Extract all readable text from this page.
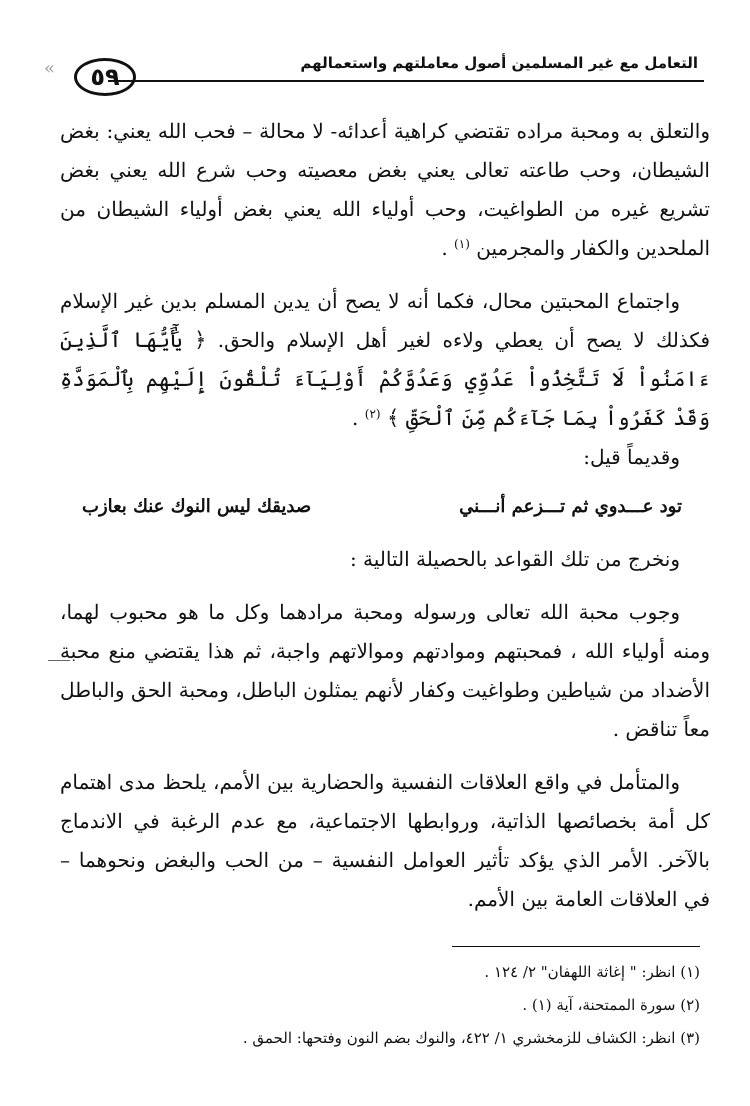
٥٩	التعامل مع غير المسلمين أصول معاملتهم واستعمالهم
«

والتعلق به ومحبة مراده تقتضي كراهية أعدائه- لا محالة – فحب الله يعني: بغض الشيطان، وحب طاعته تعالى يعني بغض معصيته وحب شرع الله يعني بغض تشريع غيره من الطواغيت، وحب أولياء الله يعني بغض أولياء الشيطان من الملحدين والكفار والمجرمين $^{(١)}$ .

واجتماع المحبتين محال، فكما أنه لا يصح أن يدين المسلم بدين غير الإسلام فكذلك لا يصح أن يعطي ولاءه لغير أهل الإسلام والحق. ﴿ يَٰٓأَيُّهَا ٱلَّذِينَ ءَامَنُواْ لَا تَتَّخِذُواْ عَدُوِّي وَعَدُوَّكُمْ أَوْلِيَآءَ تُلْقُونَ إِلَيْهِم بِٱلْمَوَدَّةِ وَقَدْ كَفَرُواْ بِمَا جَآءَكُم مِّنَ ٱلْحَقِّ ﴾ $^{(٢)}$ .

وقديماً قيل:

تود عـــدوي ثم تـــزعم أنـــني
صديقك ليس النوك عنك بعازب

ونخرج من تلك القواعد بالحصيلة التالية :

وجوب محبة الله تعالى ورسوله ومحبة مرادهما وكل ما هو محبوب لهما، ومنه أولياء الله ، فمحبتهم وموادتهم وموالاتهم واجبة، ثم هذا يقتضي منع محبة الأضداد من شياطين وطواغيت وكفار لأنهم يمثلون الباطل، ومحبة الحق والباطل معاً تناقض .

والمتأمل في واقع العلاقات النفسية والحضارية بين الأمم، يلحظ مدى اهتمام كل أمة بخصائصها الذاتية، وروابطها الاجتماعية، مع عدم الرغبة في الاندماج بالآخر. الأمر الذي يؤكد تأثير العوامل النفسية – من الحب والبغض ونحوهما – في العلاقات العامة بين الأمم.

(١) انظر: " إغاثة اللهفان" ٢/ ١٢٤ .

(٢) سورة الممتحنة، آية (١) .

(٣) انظر: الكشاف للزمخشري ١/ ٤٢٢، والنوك بضم النون وفتحها: الحمق .
